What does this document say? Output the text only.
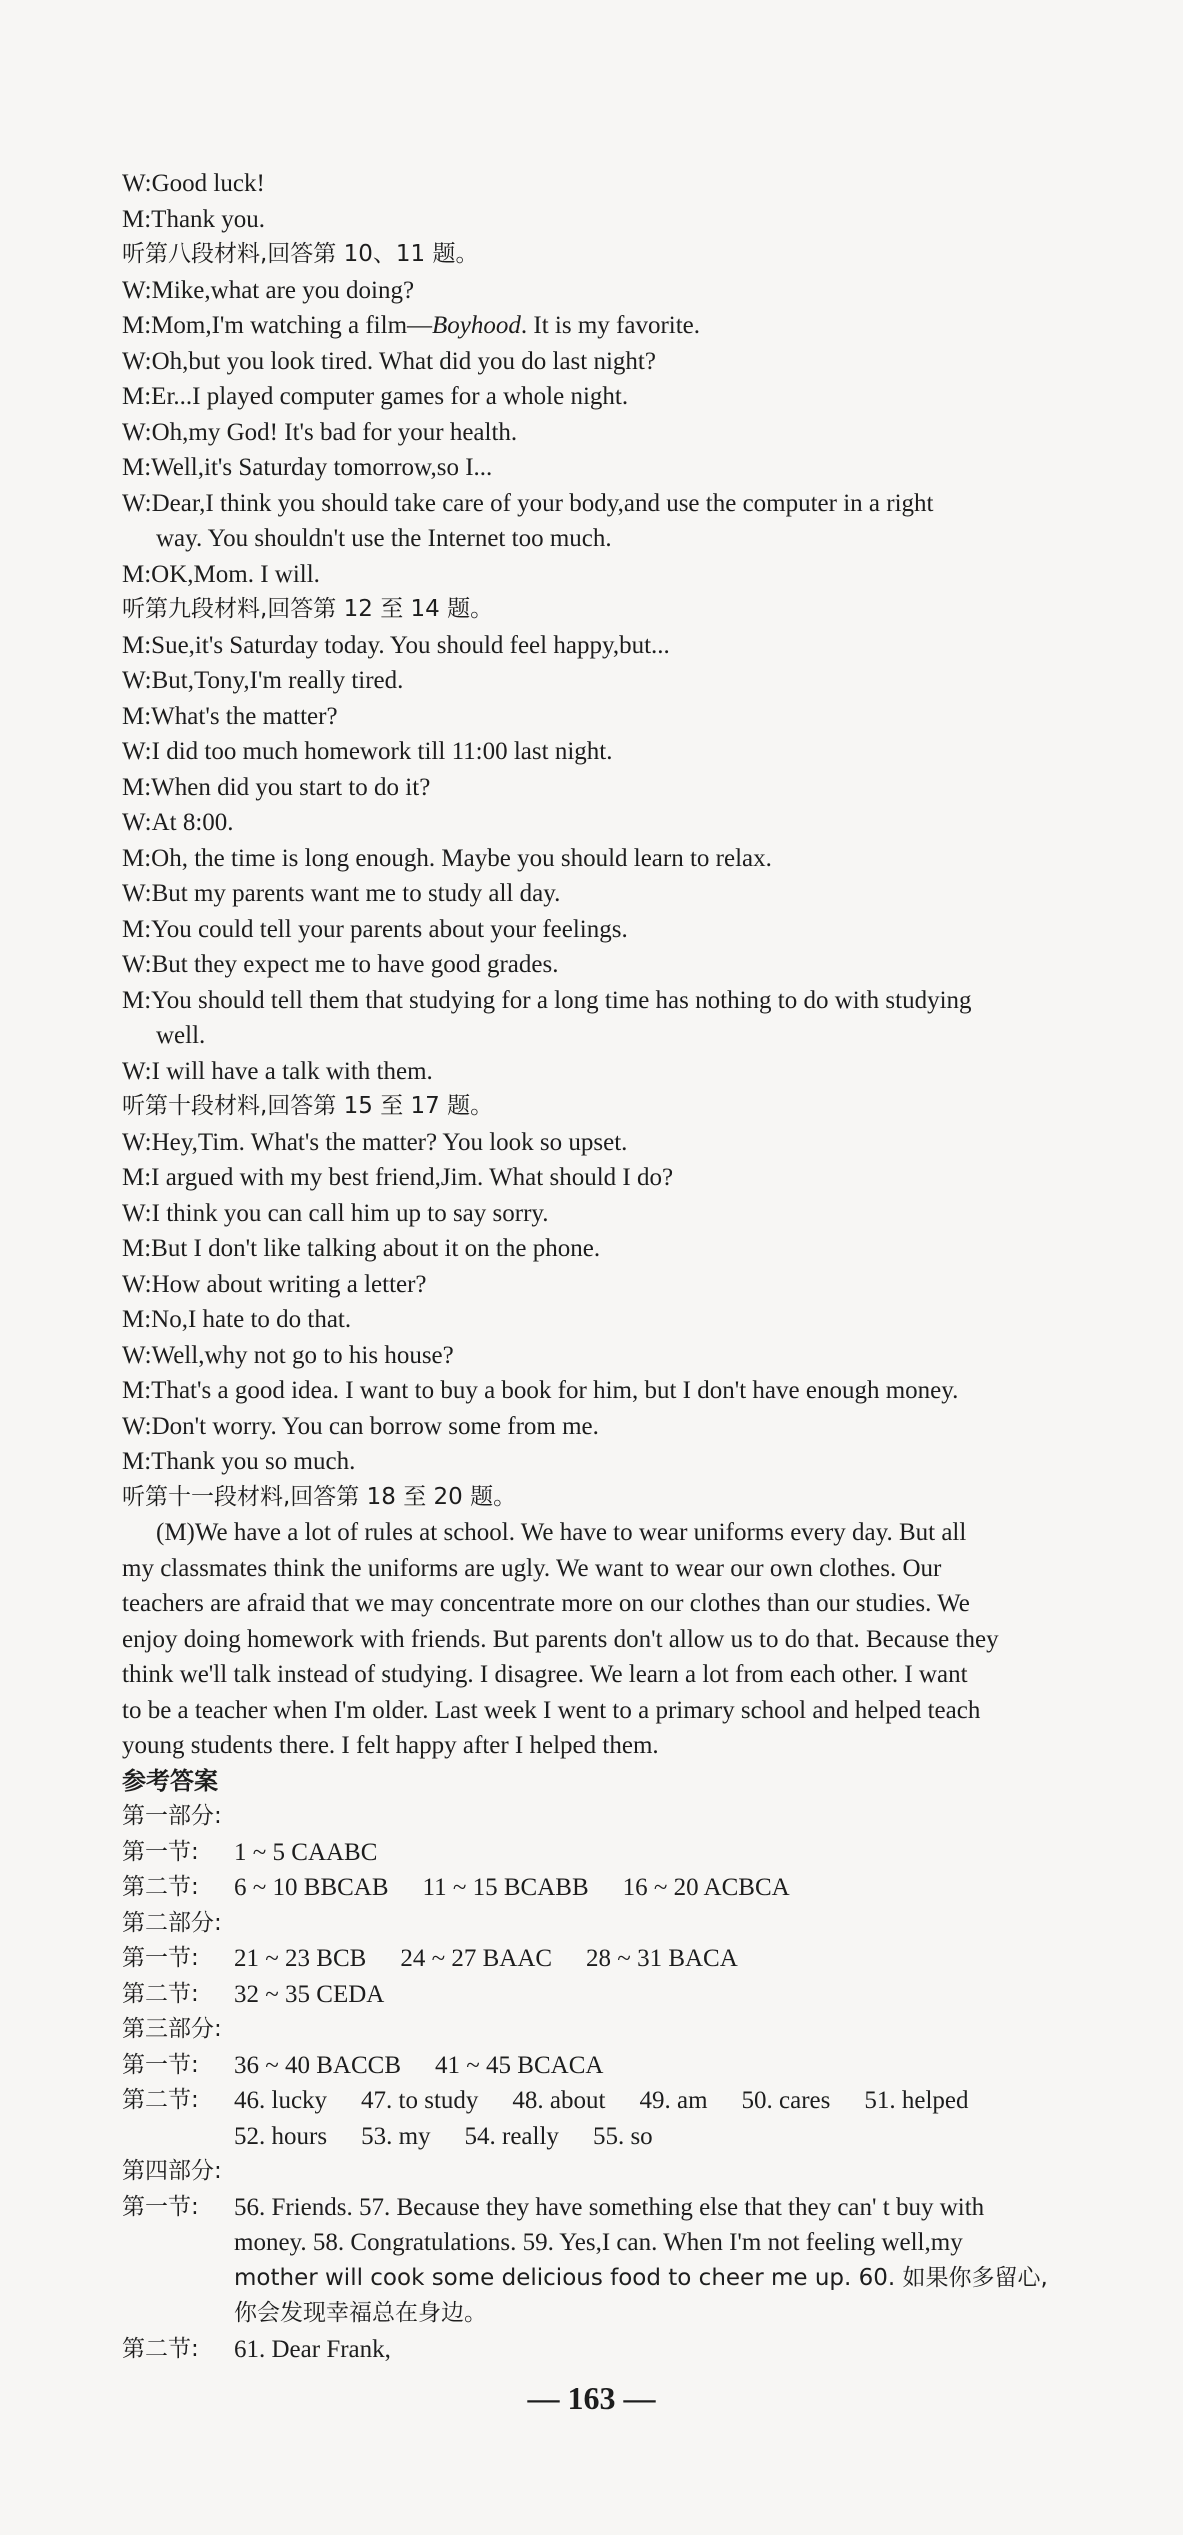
W:Good luck!
M:Thank you.
听第八段材料,回答第 10、11 题。
W:Mike,what are you doing?
M:Mom,I'm watching a film—Boyhood. It is my favorite.
W:Oh,but you look tired. What did you do last night?
M:Er...I played computer games for a whole night.
W:Oh,my God! It's bad for your health.
M:Well,it's Saturday tomorrow,so I...
W:Dear,I think you should take care of your body,and use the computer in a right
way. You shouldn't use the Internet too much.
M:OK,Mom. I will.
听第九段材料,回答第 12 至 14 题。
M:Sue,it's Saturday today. You should feel happy,but...
W:But,Tony,I'm really tired.
M:What's the matter?
W:I did too much homework till 11:00 last night.
M:When did you start to do it?
W:At 8:00.
M:Oh, the time is long enough. Maybe you should learn to relax.
W:But my parents want me to study all day.
M:You could tell your parents about your feelings.
W:But they expect me to have good grades.
M:You should tell them that studying for a long time has nothing to do with studying
well.
W:I will have a talk with them.
听第十段材料,回答第 15 至 17 题。
W:Hey,Tim. What's the matter? You look so upset.
M:I argued with my best friend,Jim. What should I do?
W:I think you can call him up to say sorry.
M:But I don't like talking about it on the phone.
W:How about writing a letter?
M:No,I hate to do that.
W:Well,why not go to his house?
M:That's a good idea. I want to buy a book for him, but I don't have enough money.
W:Don't worry. You can borrow some from me.
M:Thank you so much.
听第十一段材料,回答第 18 至 20 题。
(M)We have a lot of rules at school. We have to wear uniforms every day. But all
my classmates think the uniforms are ugly. We want to wear our own clothes. Our
teachers are afraid that we may concentrate more on our clothes than our studies. We
enjoy doing homework with friends. But parents don't allow us to do that. Because they
think we'll talk instead of studying. I disagree. We learn a lot from each other. I want
to be a teacher when I'm older. Last week I went to a primary school and helped teach
young students there. I felt happy after I helped them.
参考答案
第一部分:
第一节:	1 ~ 5 CAABC
第二节:	6 ~ 10 BBCAB 11 ~ 15 BCABB 16 ~ 20 ACBCA
第二部分:
第一节:	21 ~ 23 BCB 24 ~ 27 BAAC 28 ~ 31 BACA
第二节:	32 ~ 35 CEDA
第三部分:
第一节:	36 ~ 40 BACCB 41 ~ 45 BCACA
第二节:	46. lucky 47. to study 48. about 49. am 50. cares 51. helped
52. hours 53. my 54. really 55. so
第四部分:
第一节:	56. Friends. 57. Because they have something else that they can' t buy with
money. 58. Congratulations. 59. Yes,I can. When I'm not feeling well,my
mother will cook some delicious food to cheer me up. 60. 如果你多留心,
你会发现幸福总在身边。
第二节:	61. Dear Frank,
— 163 —
